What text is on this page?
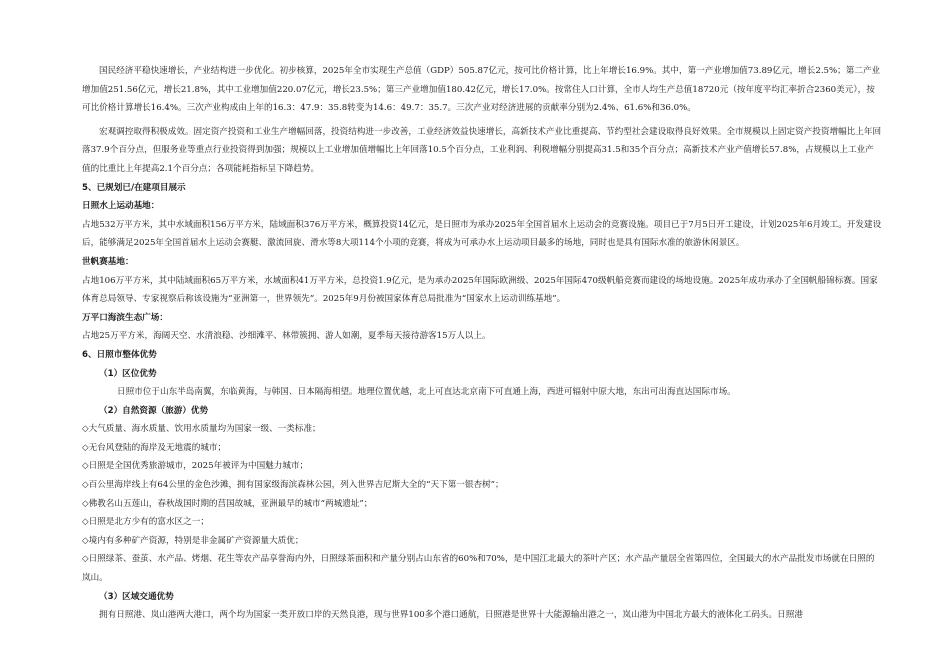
国民经济平稳快速增长，产业结构进一步优化。初步核算，2025年全市实现生产总值（GDP）505.87亿元，按可比价格计算，比上年增长16.9%。其中，第一产业增加值73.89亿元，增长2.5%；第二产业增加值251.56亿元，增长21.8%，其中工业增加值220.07亿元，增长23.5%；第三产业增加值180.42亿元，增长17.0%。按常住人口计算，全市人均生产总值18720元（按年度平均汇率折合2360美元），按可比价格计算增长16.4%。三次产业构成由上年的16.3：47.9：35.8转变为14.6：49.7：35.7。三次产业对经济进展的贡献率分别为2.4%、61.6%和36.0%。

宏观调控取得积极成效。固定资产投资和工业生产增幅回落，投资结构进一步改善，工业经济效益快速增长，高新技术产业比重提高、节约型社会建设取得良好效果。全市规模以上固定资产投资增幅比上年回落37.9个百分点，但服务业等重点行业投资得到加强；规模以上工业增加值增幅比上年回落10.5个百分点，工业利润、利税增幅分别提高31.5和35个百分点；高新技术产业产值增长57.8%，占规模以上工业产值的比重比上年提高2.1个百分点；各项能耗指标呈下降趋势。

5、已规划已/在建项目展示

日照水上运动基地：

占地532万平方米，其中水域面积156万平方米，陆域面积376万平方米，概算投资14亿元，是日照市为承办2025年全国首届水上运动会的竞赛设施。项目已于7月5日开工建设，计划2025年6月竣工。开发建设后，能够满足2025年全国首届水上运动会赛艇、激流回旋、滑水等8大项114个小项的竞赛，将成为可承办水上运动项目最多的场地，同时也是具有国际水准的旅游休闲景区。

世帆赛基地：

占地106万平方米，其中陆域面积65万平方米，水域面积41万平方米，总投资1.9亿元，是为承办2025年国际欧洲级、2025年国际470级帆船竞赛而建设的场地设施。2025年成功承办了全国帆船锦标赛。国家体育总局领导、专家视察后称该设施为“亚洲第一，世界领先”。2025年9月份被国家体育总局批准为“国家水上运动训练基地”。

万平口海滨生态广场：

占地25万平方米，海阔天空、水清浪稳、沙细滩平、林带簇拥、游人如潮，夏季每天接待游客15万人以上。

6、日照市整体优势

（1）区位优势

日照市位于山东半岛南翼，东临黄海，与韩国、日本隔海相望。地理位置优越，北上可直达北京南下可直通上海，西进可辐射中原大地，东出可出海直达国际市场。

（2）自然资源（旅游）优势

◇大气质量、海水质量、饮用水质量均为国家一级、一类标准；

◇无台风登陆的海岸及无地震的城市；

◇日照是全国优秀旅游城市，2025年被评为中国魅力城市；

◇百公里海岸线上有64公里的金色沙滩，拥有国家级海滨森林公园，列入世界吉尼斯大全的“天下第一银杏树”；

◇佛教名山五莲山，春秋战国时期的莒国故城，亚洲最早的城市“两城遗址”；

◇日照是北方少有的富水区之一；

◇境内有多种矿产资源，特别是非金属矿产资源量大质优；

◇日照绿茶、蚕茧、水产品、烤烟、花生等农产品享誉海内外，日照绿茶面积和产量分别占山东省的60%和70%，是中国江北最大的茶叶产区；水产品产量居全省第四位，全国最大的水产品批发市场就在日照的岚山。

（3）区域交通优势

拥有日照港、岚山港两大港口，两个均为国家一类开放口岸的天然良港，现与世界100多个港口通航，日照港是世界十大能源输出港之一，岚山港为中国北方最大的液体化工码头。日照港
